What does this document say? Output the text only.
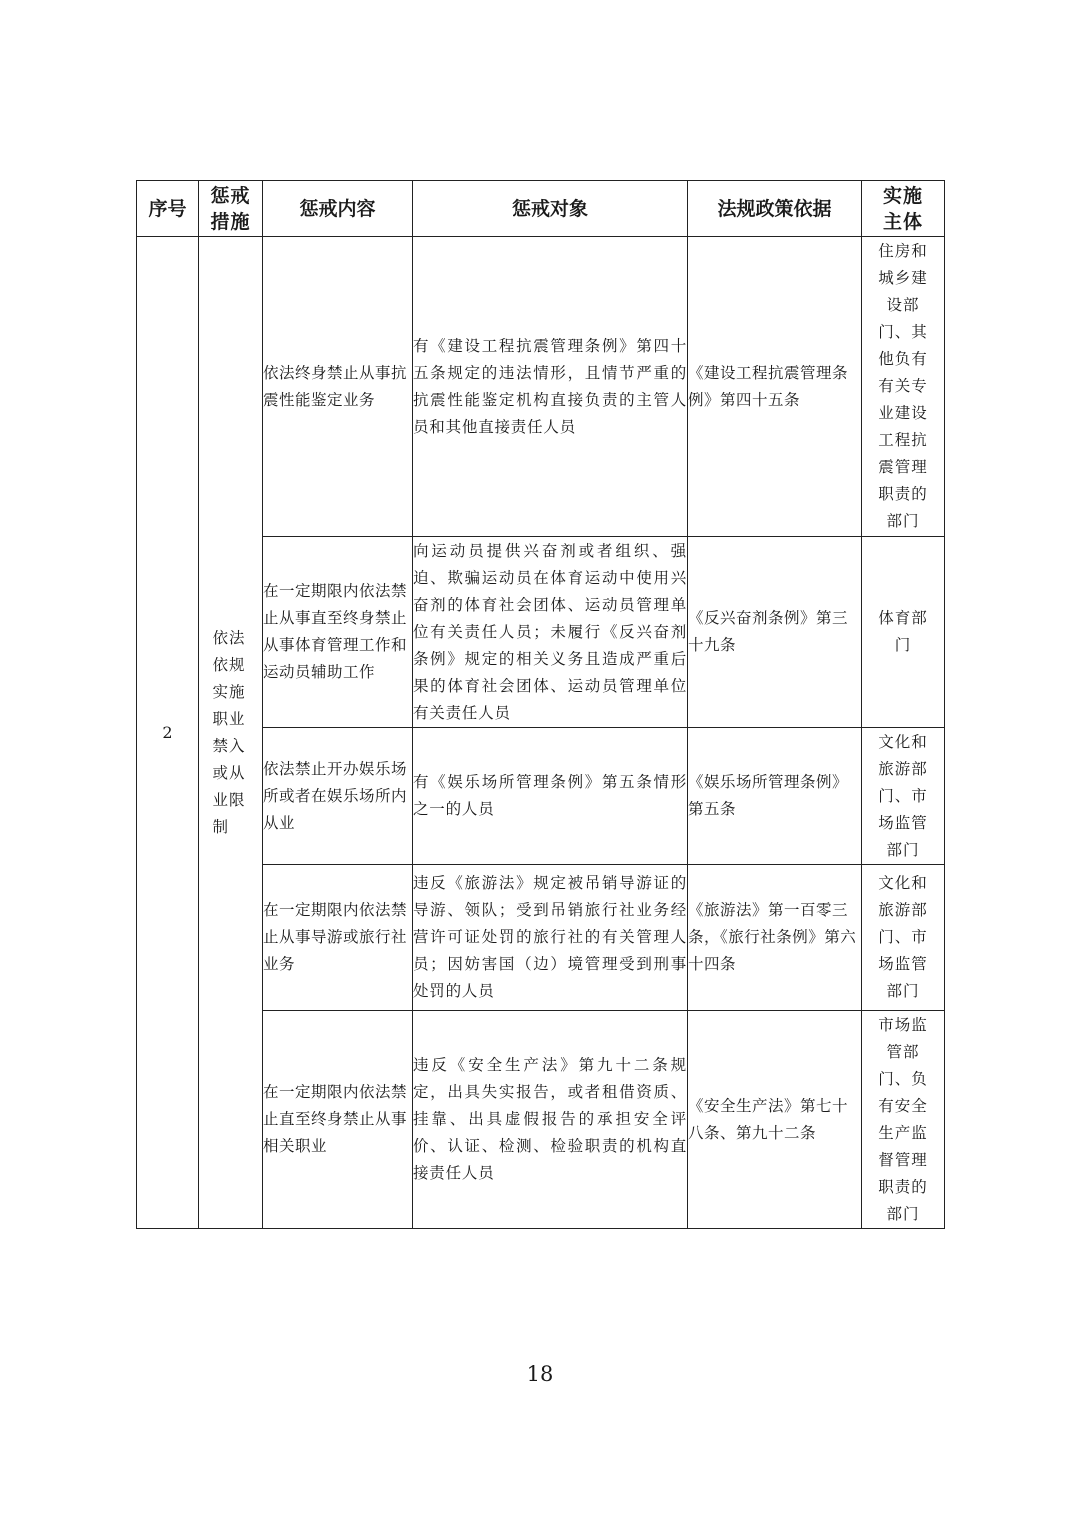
序号	惩戒措施	惩戒内容	惩戒对象	法规政策依据	实施主体
2	依法依规实施职业禁入或从业限制	依法终身禁止从事抗震性能鉴定业务	有《建设工程抗震管理条例》第四十五条规定的违法情形，且情节严重的抗震性能鉴定机构直接负责的主管人员和其他直接责任人员	《建设工程抗震管理条例》第四十五条	住房和城乡建设部门、其他负有有关专业建设工程抗震管理职责的部门
		在一定期限内依法禁止从事直至终身禁止从事体育管理工作和运动员辅助工作	向运动员提供兴奋剂或者组织、强迫、欺骗运动员在体育运动中使用兴奋剂的体育社会团体、运动员管理单位有关责任人员；未履行《反兴奋剂条例》规定的相关义务且造成严重后果的体育社会团体、运动员管理单位有关责任人员	《反兴奋剂条例》第三十九条	体育部门
		依法禁止开办娱乐场所或者在娱乐场所内从业	有《娱乐场所管理条例》第五条情形之一的人员	《娱乐场所管理条例》第五条	文化和旅游部门、市场监管部门
		在一定期限内依法禁止从事导游或旅行社业务	违反《旅游法》规定被吊销导游证的导游、领队；受到吊销旅行社业务经营许可证处罚的旅行社的有关管理人员；因妨害国（边）境管理受到刑事处罚的人员	《旅游法》第一百零三条，《旅行社条例》第六十四条	文化和旅游部门、市场监管部门
		在一定期限内依法禁止直至终身禁止从事相关职业	违反《安全生产法》第九十二条规定，出具失实报告，或者租借资质、挂靠、出具虚假报告的承担安全评价、认证、检测、检验职责的机构直接责任人员	《安全生产法》第七十八条、第九十二条	市场监管部门、负有安全生产监督管理职责的部门
18
